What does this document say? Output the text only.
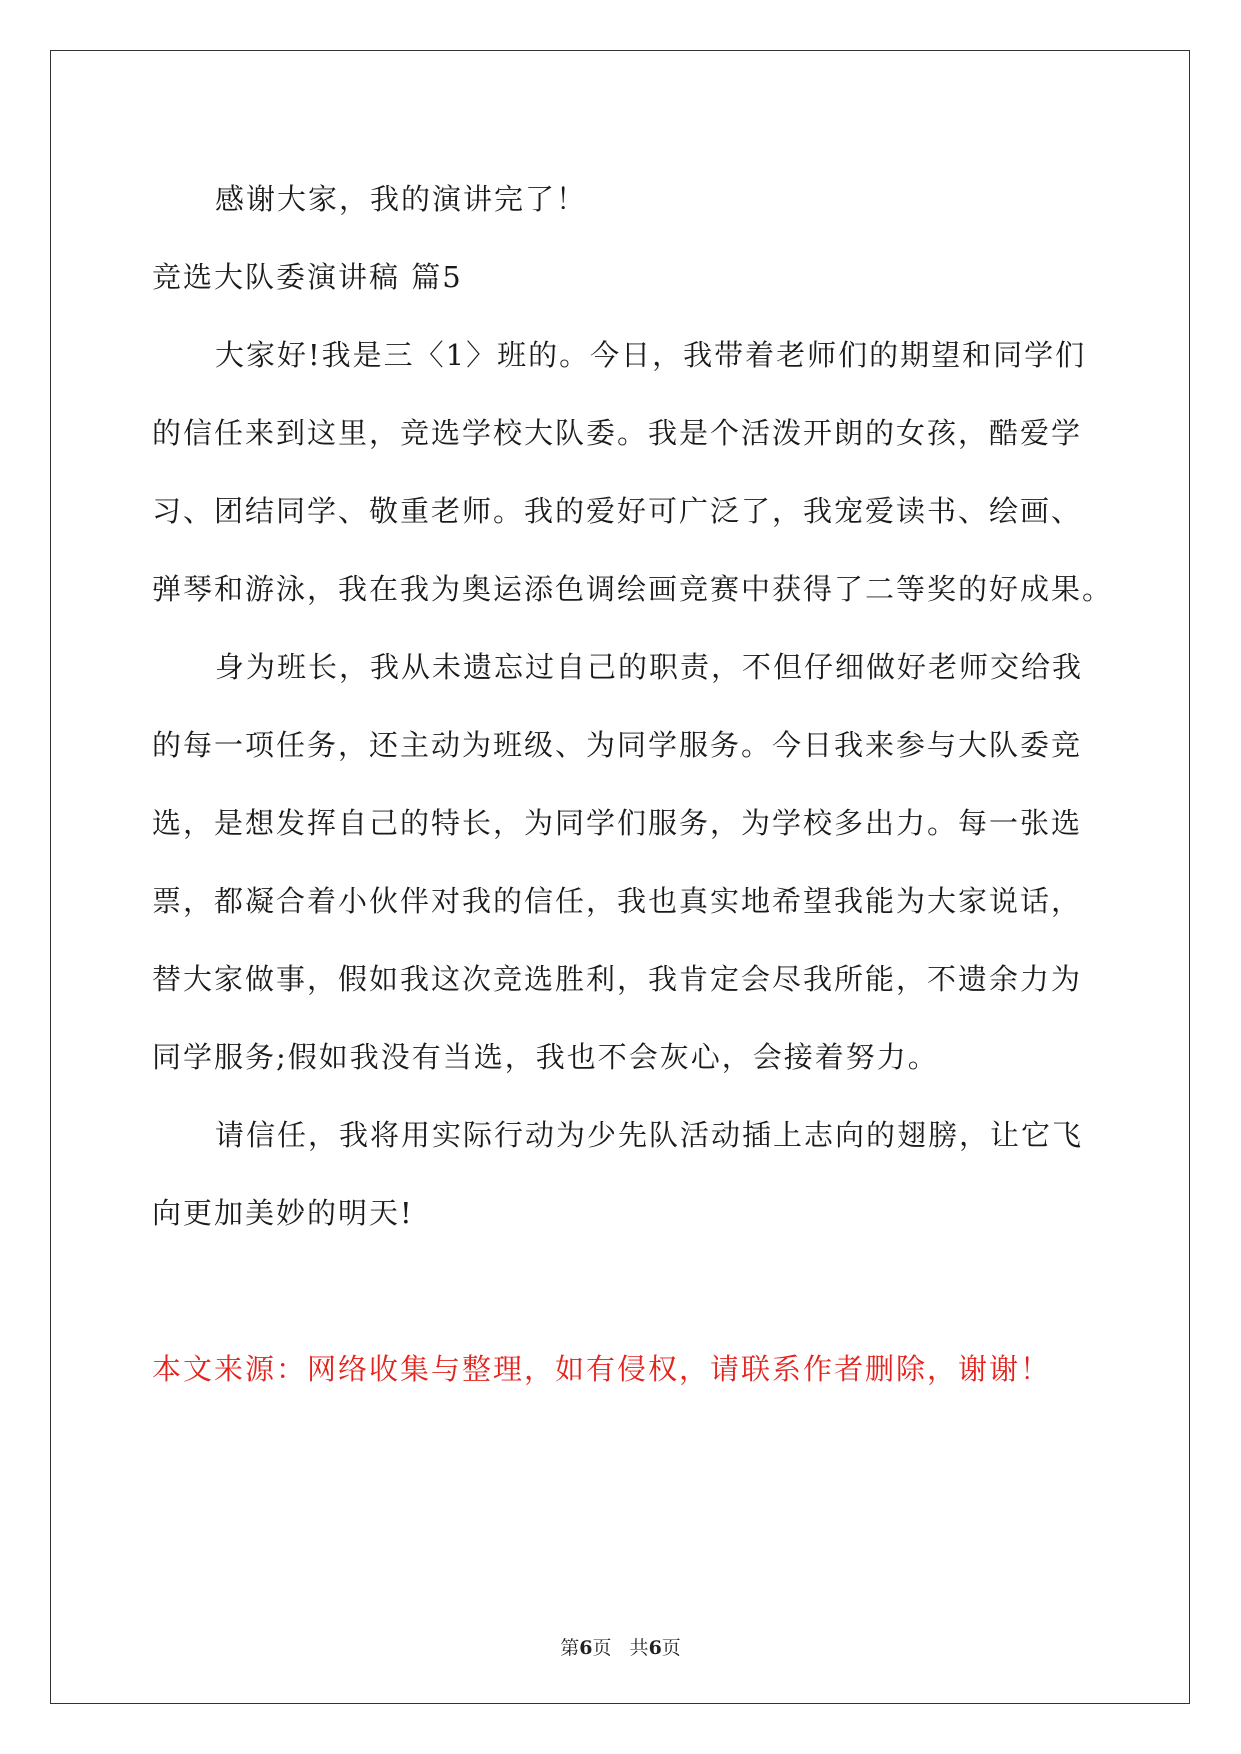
感谢大家，我的演讲完了！
竞选大队委演讲稿 篇5
大家好!我是三〈1〉班的。今日，我带着老师们的期望和同学们
的信任来到这里，竞选学校大队委。我是个活泼开朗的女孩，酷爱学
习、团结同学、敬重老师。我的爱好可广泛了，我宠爱读书、绘画、
弹琴和游泳，我在我为奥运添色调绘画竞赛中获得了二等奖的好成果。
身为班长，我从未遗忘过自己的职责，不但仔细做好老师交给我
的每一项任务，还主动为班级、为同学服务。今日我来参与大队委竞
选，是想发挥自己的特长，为同学们服务，为学校多出力。每一张选
票，都凝合着小伙伴对我的信任，我也真实地希望我能为大家说话，
替大家做事，假如我这次竞选胜利，我肯定会尽我所能，不遗余力为
同学服务;假如我没有当选，我也不会灰心，会接着努力。
请信任，我将用实际行动为少先队活动插上志向的翅膀，让它飞
向更加美妙的明天!
本文来源：网络收集与整理，如有侵权，请联系作者删除，谢谢！
第6页   共6页
